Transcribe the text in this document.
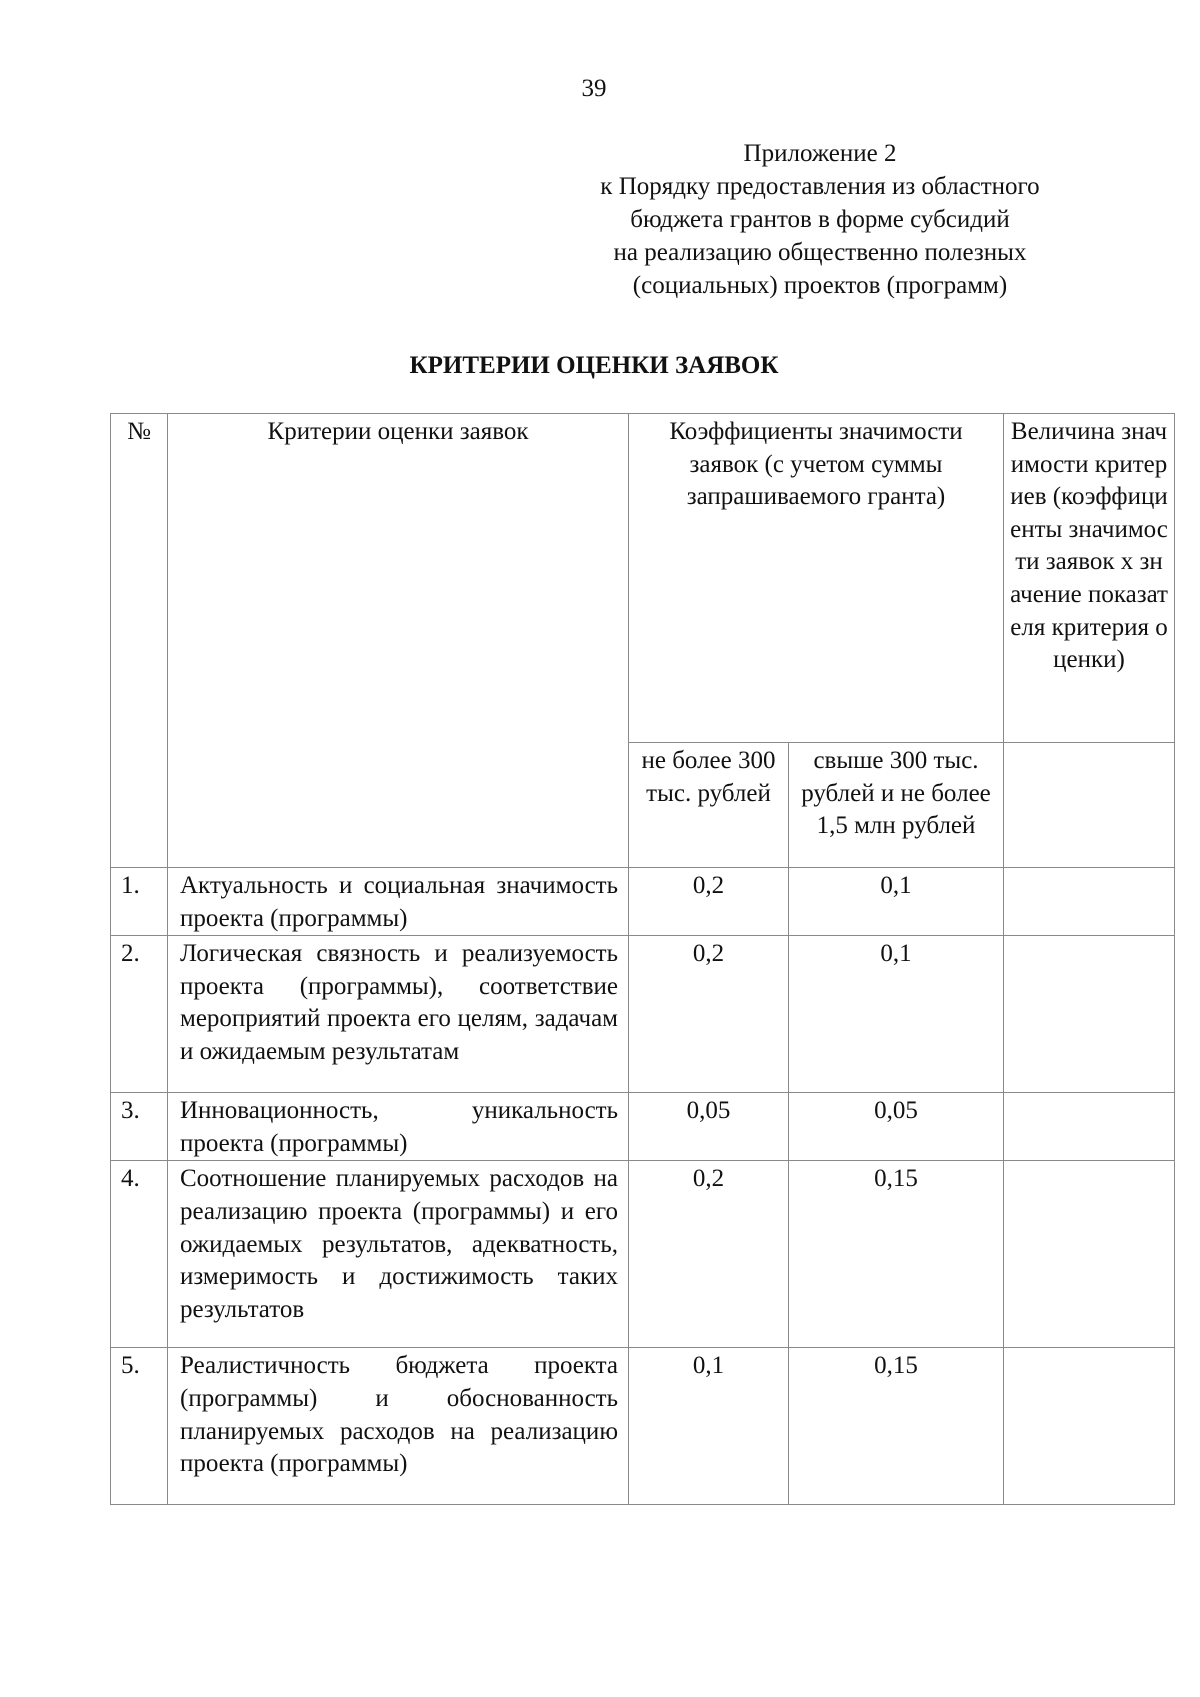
39
Приложение 2
к Порядку предоставления из областного
бюджета грантов в форме субсидий
на реализацию общественно полезных
(социальных) проектов (программ)
КРИТЕРИИ ОЦЕНКИ ЗАЯВОК
№	Критерии оценки заявок	Коэффициенты значимости заявок (с учетом суммы запрашиваемого гранта)		Величина значимости критериев (коэффициенты значимости заявок х значение показателя критерия оценки)
		не более 300 тыс. рублей	свыше 300 тыс. рублей и не более 1,5 млн рублей	
1.	Актуальность и социальная значимость проекта (программы)	0,2	0,1	
2.	Логическая связность и реализуемость проекта (программы), соответствие мероприятий проекта его целям, задачам и ожидаемым результатам	0,2	0,1	
3.	Инновационность, уникальность проекта (программы)	0,05	0,05	
4.	Соотношение планируемых расходов на реализацию проекта (программы) и его ожидаемых результатов, адекватность, измеримость и достижимость таких результатов	0,2	0,15	
5.	Реалистичность бюджета проекта (программы) и обоснованность планируемых расходов на реализацию проекта (программы)	0,1	0,15	
